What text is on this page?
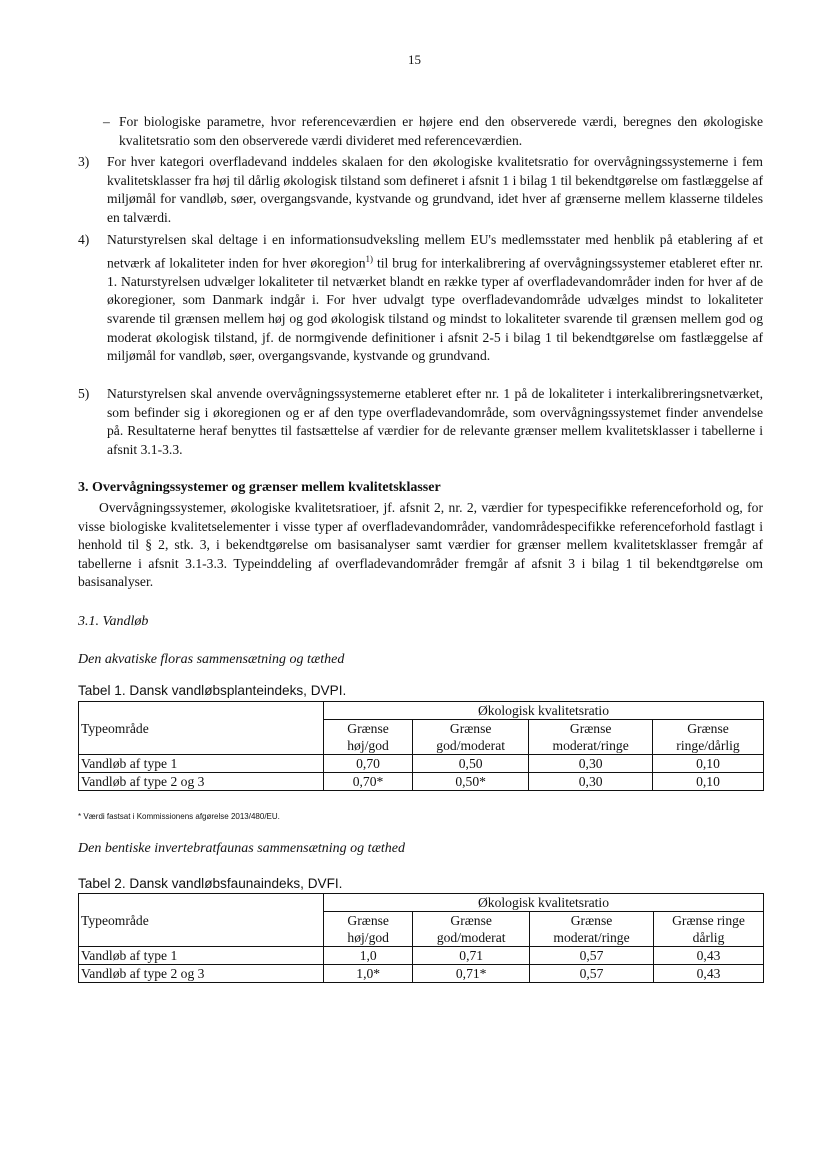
15
– For biologiske parametre, hvor referenceværdien er højere end den observerede værdi, beregnes den økologiske kvalitetsratio som den observerede værdi divideret med referenceværdien.
3) For hver kategori overfladevand inddeles skalaen for den økologiske kvalitetsratio for overvågningssystemerne i fem kvalitetsklasser fra høj til dårlig økologisk tilstand som defineret i afsnit 1 i bilag 1 til bekendtgørelse om fastlæggelse af miljømål for vandløb, søer, overgangsvande, kystvande og grundvand, idet hver af grænserne mellem klasserne tildeles en talværdi.
4) Naturstyrelsen skal deltage i en informationsudveksling mellem EU's medlemsstater med henblik på etablering af et netværk af lokaliteter inden for hver økoregion$^{1)}$ til brug for interkalibrering af overvågningssystemer etableret efter nr. 1. Naturstyrelsen udvælger lokaliteter til netværket blandt en række typer af overfladevandområder inden for hver af de økoregioner, som Danmark indgår i. For hver udvalgt type overfladevandområde udvælges mindst to lokaliteter svarende til grænsen mellem høj og god økologisk tilstand og mindst to lokaliteter svarende til grænsen mellem god og moderat økologisk tilstand, jf. de normgivende definitioner i afsnit 2-5 i bilag 1 til bekendtgørelse om fastlæggelse af miljømål for vandløb, søer, overgangsvande, kystvande og grundvand.
5) Naturstyrelsen skal anvende overvågningssystemerne etableret efter nr. 1 på de lokaliteter i interkalibreringsnetværket, som befinder sig i økoregionen og er af den type overfladevandområde, som overvågningssystemet finder anvendelse på. Resultaterne heraf benyttes til fastsættelse af værdier for de relevante grænser mellem kvalitetsklasser i tabellerne i afsnit 3.1-3.3.
3. Overvågningssystemer og grænser mellem kvalitetsklasser
Overvågningssystemer, økologiske kvalitetsratioer, jf. afsnit 2, nr. 2, værdier for typespecifikke referenceforhold og, for visse biologiske kvalitetselementer i visse typer af overfladevandområder, vandområdespecifikke referenceforhold fastlagt i henhold til § 2, stk. 3, i bekendtgørelse om basisanalyser samt værdier for grænser mellem kvalitetsklasser fremgår af tabellerne i afsnit 3.1-3.3. Typeinddeling af overfladevandområder fremgår af afsnit 3 i bilag 1 til bekendtgørelse om basisanalyser.
3.1. Vandløb
Den akvatiske floras sammensætning og tæthed
Tabel 1. Dansk vandløbsplanteindeks, DVPI.
Typeområde	Økologisk kvalitetsratio			
	Grænse høj/god	Grænse god/moderat	Grænse moderat/ringe	Grænse ringe/dårlig
Vandløb af type 1	0,70	0,50	0,30	0,10
Vandløb af type 2 og 3	0,70*	0,50*	0,30	0,10
* Værdi fastsat i Kommissionens afgørelse 2013/480/EU.
Den bentiske invertebratfaunas sammensætning og tæthed
Tabel 2. Dansk vandløbsfaunaindeks, DVFI.
Typeområde	Økologisk kvalitetsratio			
	Grænse høj/god	Grænse god/moderat	Grænse moderat/ringe	Grænse ringe dårlig
Vandløb af type 1	1,0	0,71	0,57	0,43
Vandløb af type 2 og 3	1,0*	0,71*	0,57	0,43
